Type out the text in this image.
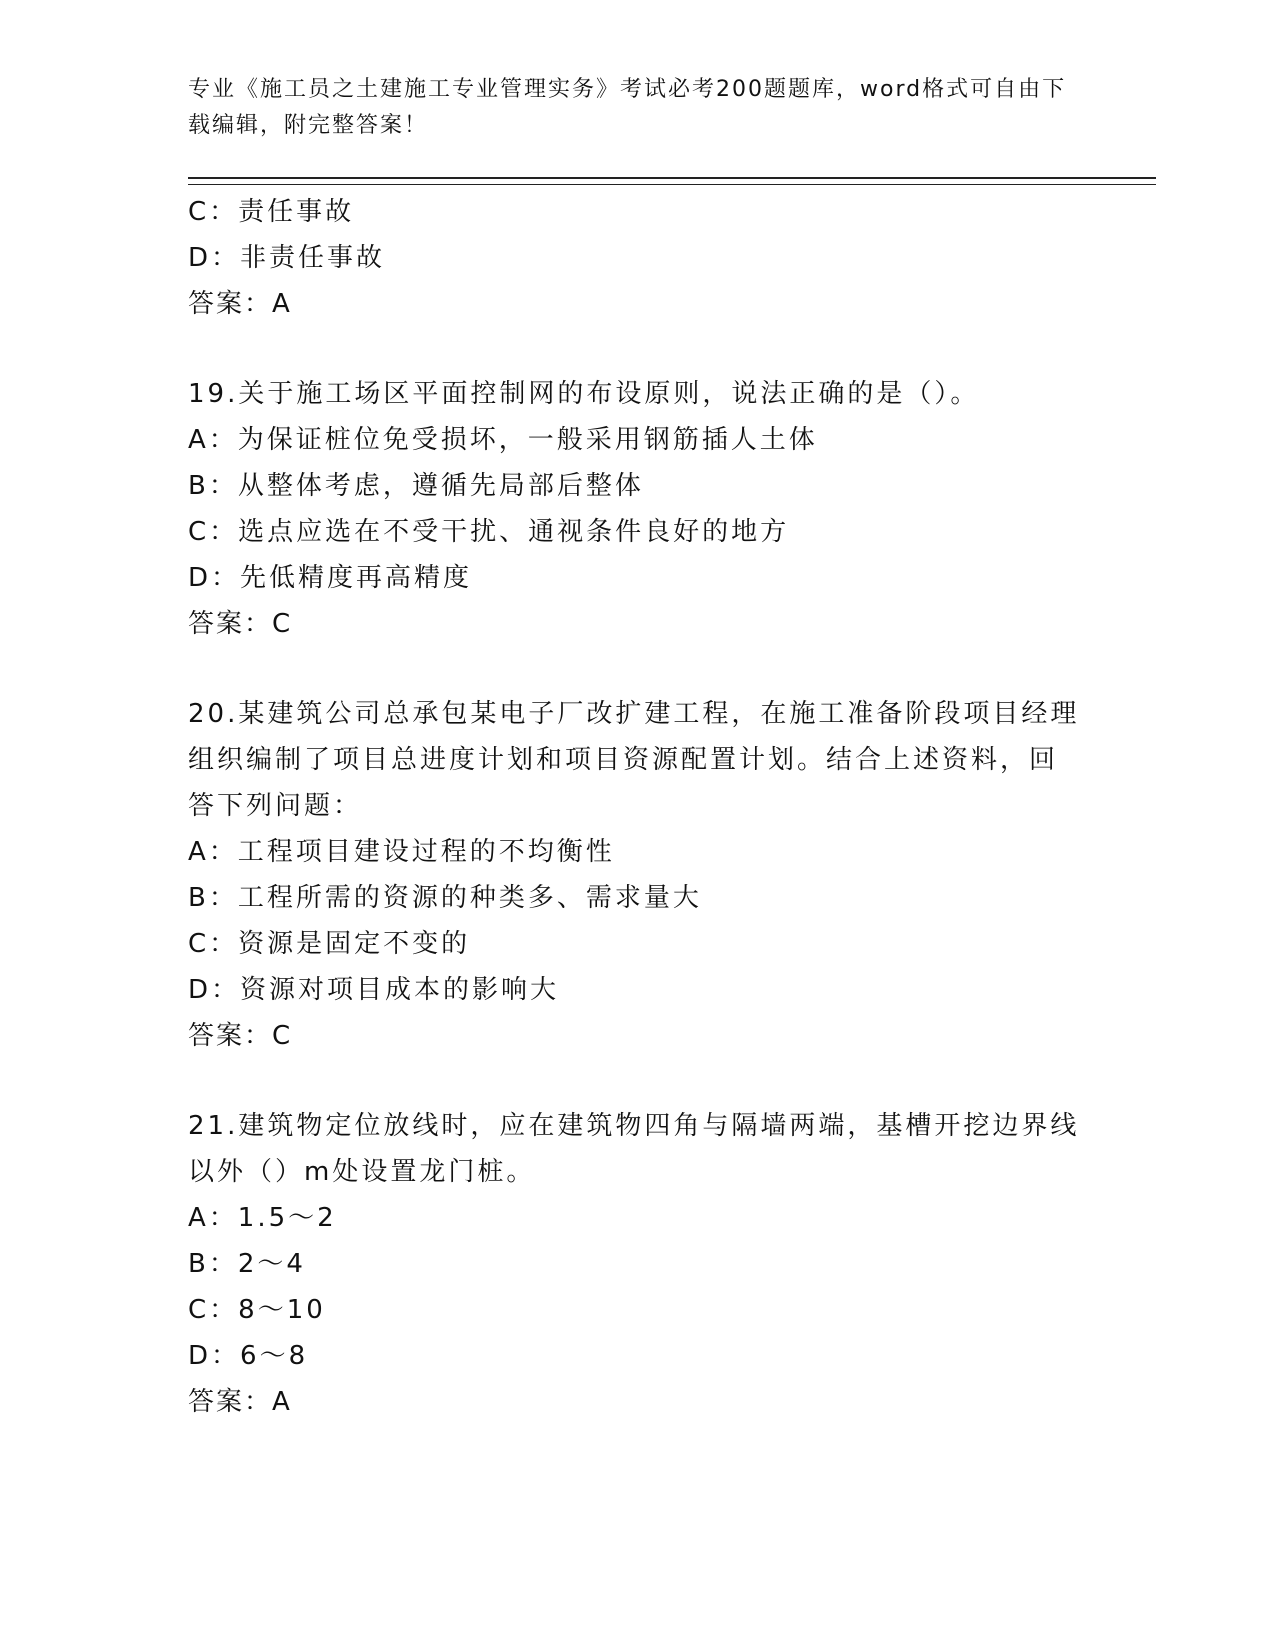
专业《施工员之土建施工专业管理实务》考试必考200题题库，word格式可自由下载编辑，附完整答案！
C：责任事故
D：非责任事故
答案：A
19.关于施工场区平面控制网的布设原则，说法正确的是（）。
A：为保证桩位免受损坏，一般采用钢筋插人土体
B：从整体考虑，遵循先局部后整体
C：选点应选在不受干扰、通视条件良好的地方
D：先低精度再高精度
答案：C
20.某建筑公司总承包某电子厂改扩建工程，在施工准备阶段项目经理
组织编制了项目总进度计划和项目资源配置计划。结合上述资料，回
答下列问题：
A：工程项目建设过程的不均衡性
B：工程所需的资源的种类多、需求量大
C：资源是固定不变的
D：资源对项目成本的影响大
答案：C
21.建筑物定位放线时，应在建筑物四角与隔墙两端，基槽开挖边界线
以外（）m处设置龙门桩。
A：1.5～2
B：2～4
C：8～10
D：6～8
答案：A
